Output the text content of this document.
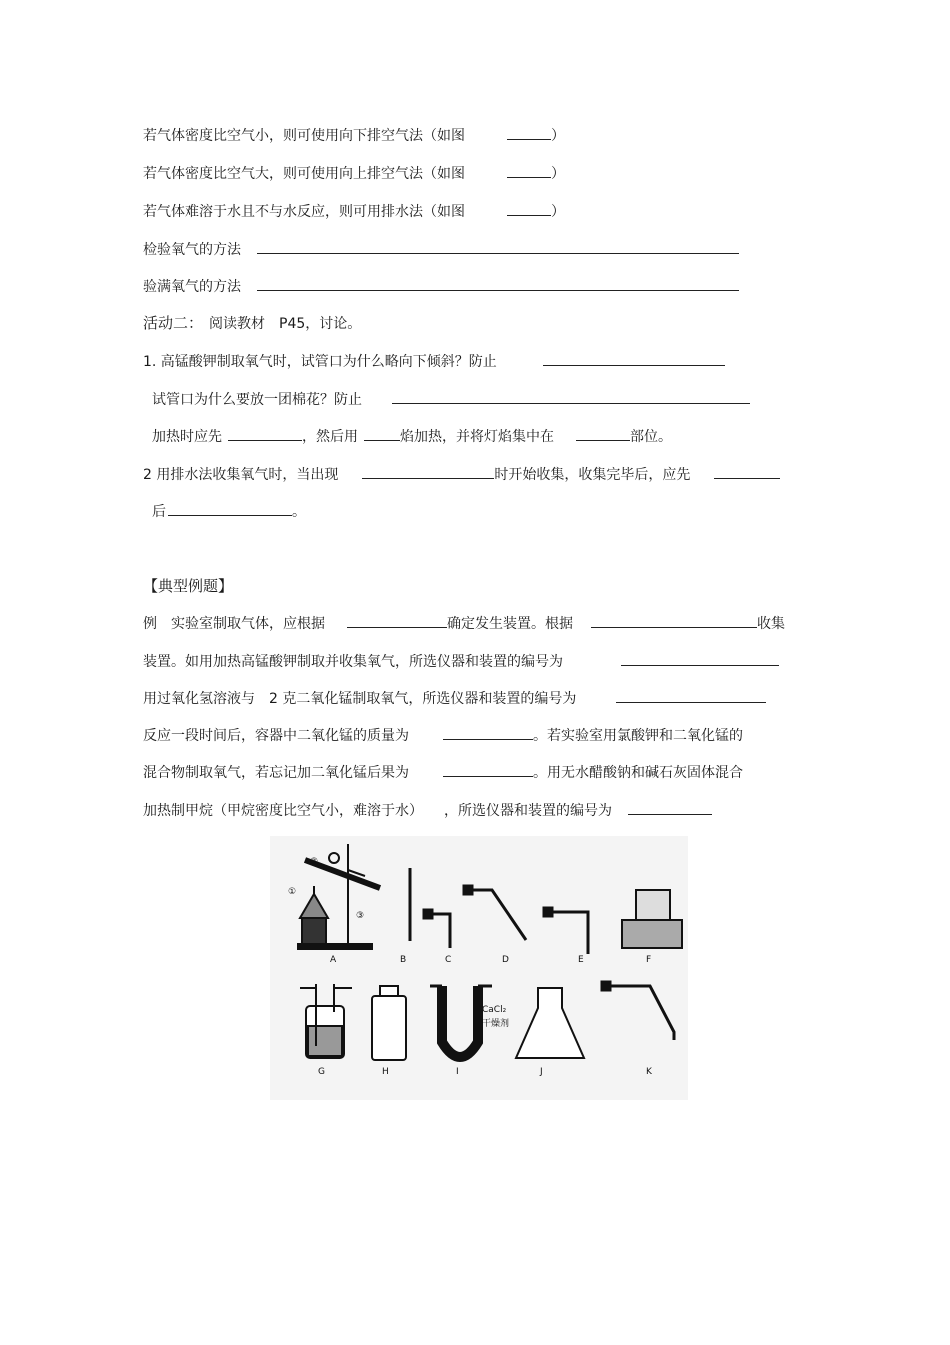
若气体密度比空气小，则可使用向下排空气法（如图	）
若气体密度比空气大，则可使用向上排空气法（如图	）
若气体难溶于水且不与水反应，则可用排水法（如图	）
检验氧气的方法
验满氧气的方法
活动二： 阅读教材　P45，讨论。
1. 高锰酸钾制取氧气时，试管口为什么略向下倾斜？防止
试管口为什么要放一团棉花？防止
加热时应先	，然后用	焰加热，并将灯焰集中在	部位。
2 用排水法收集氧气时，当出现	时开始收集，收集完毕后，应先
后	。
【典型例题】
例　实验室制取气体，应根据	确定发生装置。根据	收集
装置。如用加热高锰酸钾制取并收集氧气，所选仪器和装置的编号为
用过氧化氢溶液与　2 克二氧化锰制取氧气，所选仪器和装置的编号为
反应一段时间后，容器中二氧化锰的质量为	。若实验室用氯酸钾和二氧化锰的
混合物制取氧气，若忘记加二氧化锰后果为	。用无水醋酸钠和碱石灰固体混合
加热制甲烷（甲烷密度比空气小，难溶于水） ，所选仪器和装置的编号为
①
②
③
A	B	C	D	E	F
G	H
CaCl₂
干燥剂
I	J	K
